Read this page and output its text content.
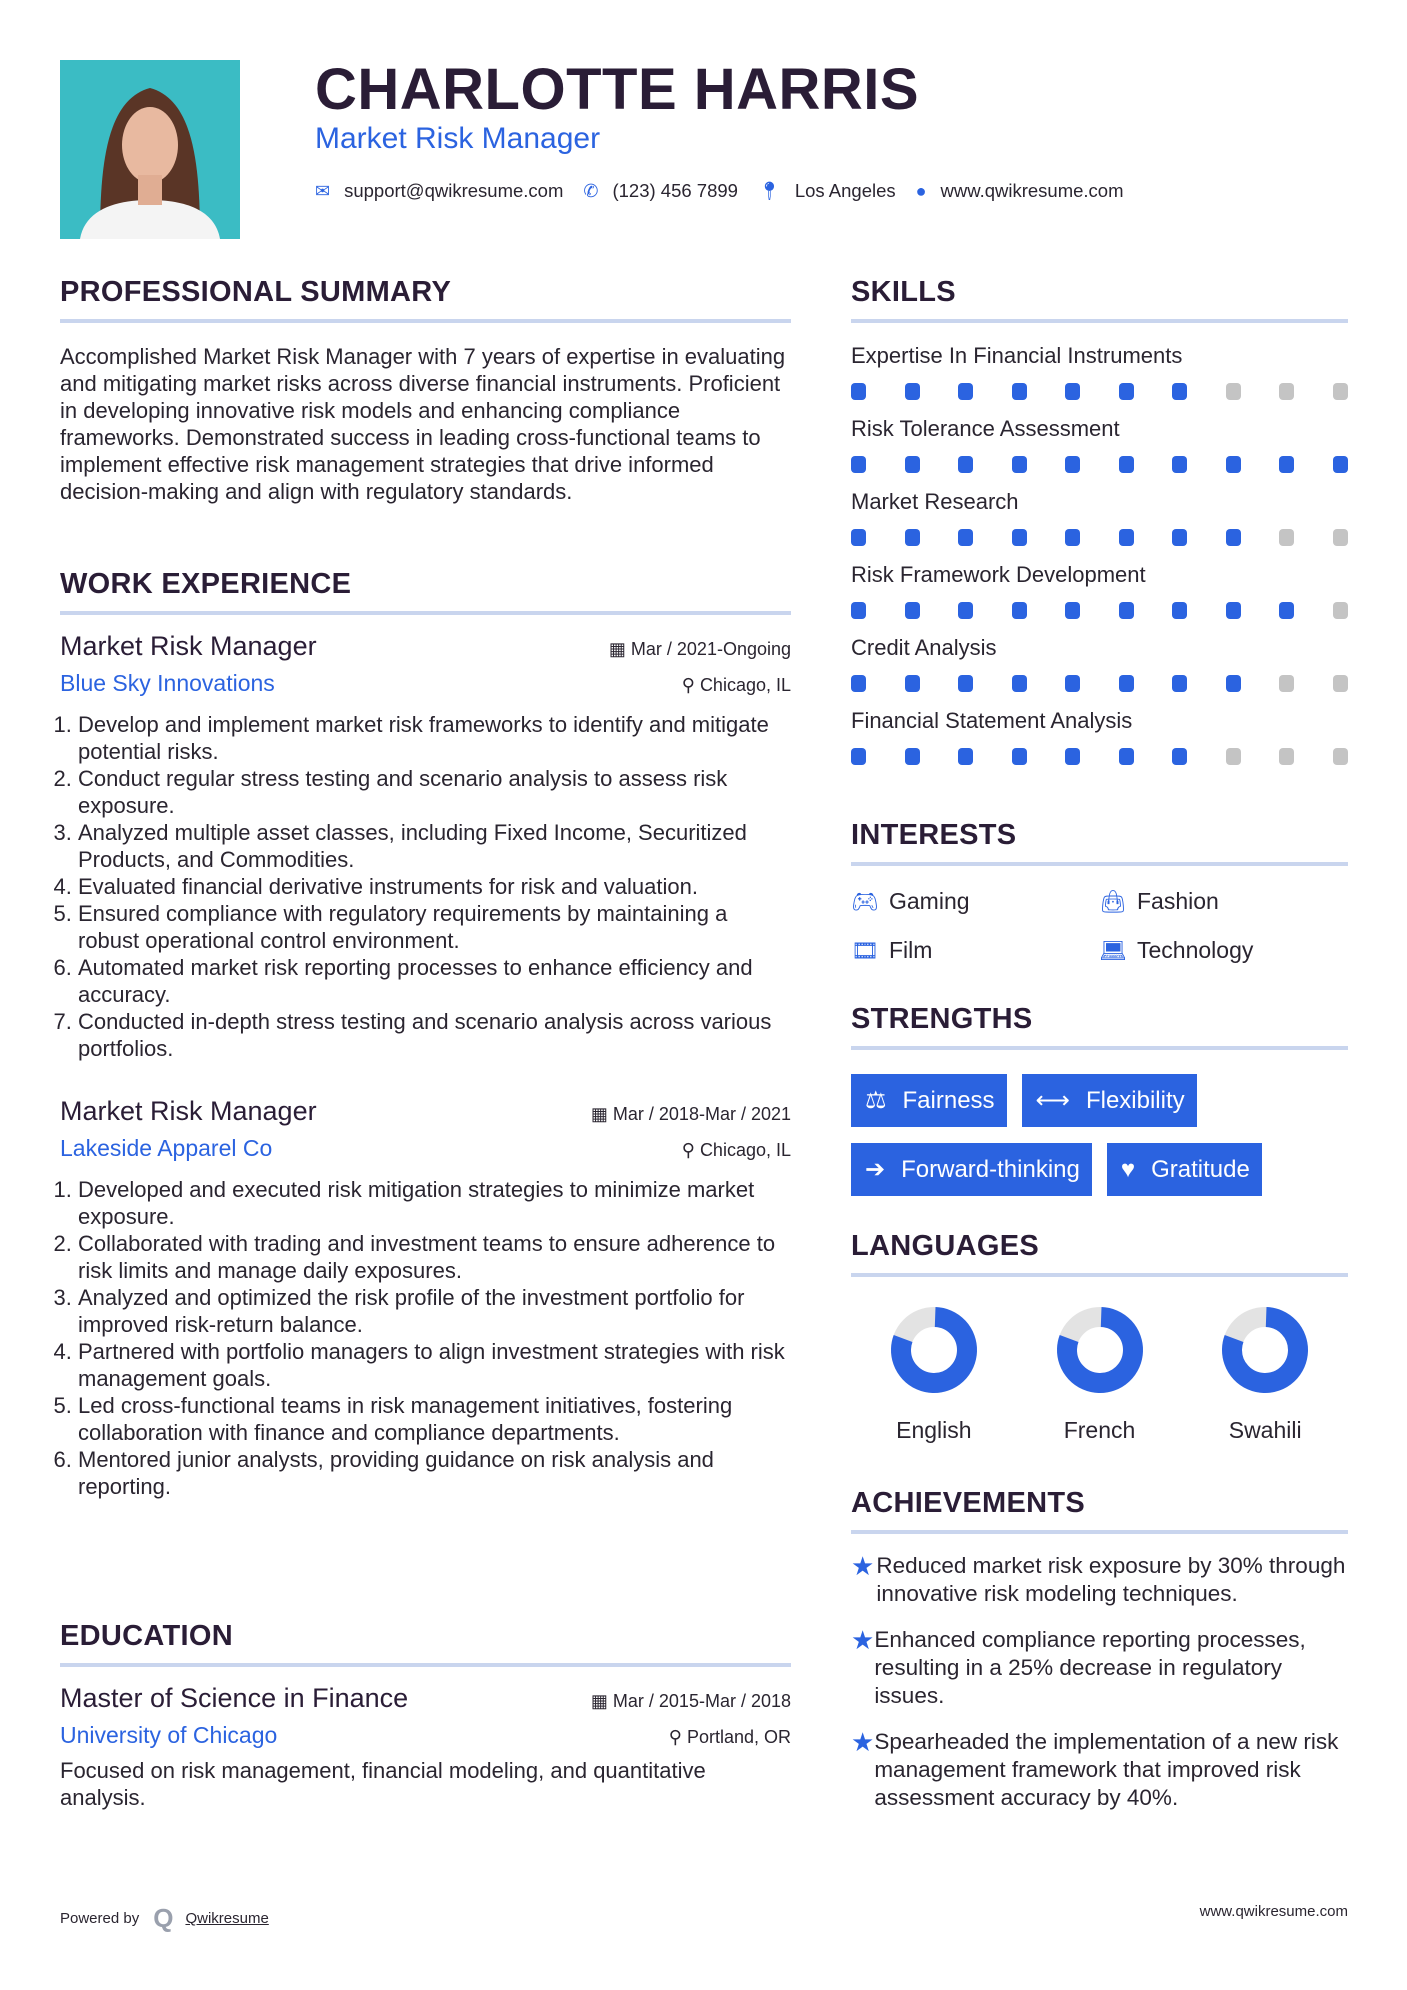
CHARLOTTE HARRIS
Market Risk Manager
✉ support@qwikresume.com ✆ (123) 456 7899 📍︎ Los Angeles ● www.qwikresume.com
PROFESSIONAL SUMMARY
Accomplished Market Risk Manager with 7 years of expertise in evaluating and mitigating market risks across diverse financial instruments. Proficient in developing innovative risk models and enhancing compliance frameworks. Demonstrated success in leading cross-functional teams to implement effective risk management strategies that drive informed decision-making and align with regulatory standards.
WORK EXPERIENCE
Market Risk Manager	▦ Mar / 2021-Ongoing
Blue Sky Innovations	⚲ Chicago, IL
1. Develop and implement market risk frameworks to identify and mitigate potential risks.
2. Conduct regular stress testing and scenario analysis to assess risk exposure.
3. Analyzed multiple asset classes, including Fixed Income, Securitized Products, and Commodities.
4. Evaluated financial derivative instruments for risk and valuation.
5. Ensured compliance with regulatory requirements by maintaining a robust operational control environment.
6. Automated market risk reporting processes to enhance efficiency and accuracy.
7. Conducted in-depth stress testing and scenario analysis across various portfolios.
Market Risk Manager	▦ Mar / 2018-Mar / 2021
Lakeside Apparel Co	⚲ Chicago, IL
1. Developed and executed risk mitigation strategies to minimize market exposure.
2. Collaborated with trading and investment teams to ensure adherence to risk limits and manage daily exposures.
3. Analyzed and optimized the risk profile of the investment portfolio for improved risk-return balance.
4. Partnered with portfolio managers to align investment strategies with risk management goals.
5. Led cross-functional teams in risk management initiatives, fostering collaboration with finance and compliance departments.
6. Mentored junior analysts, providing guidance on risk analysis and reporting.
EDUCATION
Master of Science in Finance	▦ Mar / 2015-Mar / 2018
University of Chicago	⚲ Portland, OR
Focused on risk management, financial modeling, and quantitative analysis.
SKILLS
Expertise In Financial Instruments
Risk Tolerance Assessment
Market Research
Risk Framework Development
Credit Analysis
Financial Statement Analysis
INTERESTS
🎮︎ Gaming	👜︎ Fashion
🎞︎ Film	💻︎ Technology
STRENGTHS
⚖ Fairness ⟷ Flexibility
➔ Forward-thinking ♥ Gratitude
LANGUAGES
English	French	Swahili
ACHIEVEMENTS
★ Reduced market risk exposure by 30% through innovative risk modeling techniques.
★ Enhanced compliance reporting processes, resulting in a 25% decrease in regulatory issues.
★ Spearheaded the implementation of a new risk management framework that improved risk assessment accuracy by 40%.
Powered by Q Qwikresume	www.qwikresume.com
